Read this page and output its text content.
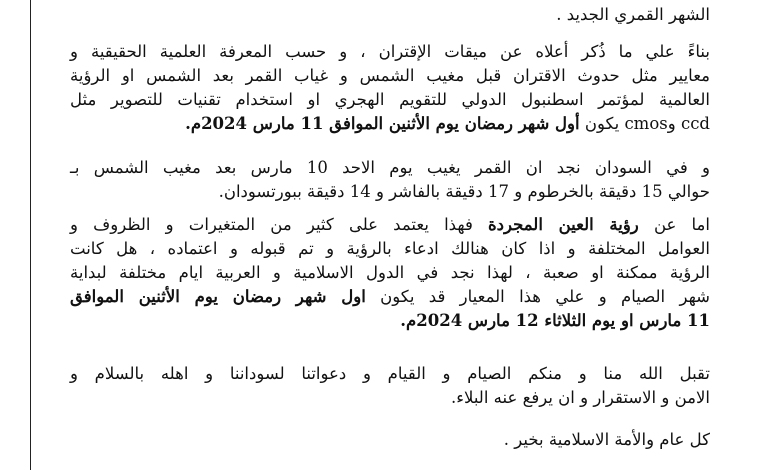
الشهر القمري الجديد .

بناءً علي ما ذُكر أعلاه عن ميقات الإقتران ، و حسب المعرفة العلمية الحقيقية و
معايير مثل حدوث الاقتران قبل مغيب الشمس و غياب القمر بعد الشمس او الرؤية
العالمية لمؤتمر اسطنبول الدولي للتقويم الهجري او استخدام تقنيات للتصوير مثل
ccd وcmos يكون أول شهر رمضان يوم الأثنين الموافق 11 مارس 2024م.

و في السودان نجد ان القمر يغيب يوم الاحد 10 مارس بعد مغيب الشمس بـ
حوالي 15 دقيقة بالخرطوم و 17 دقيقة بالفاشر و 14 دقيقة ببورتسودان.

اما عن رؤية العين المجردة فهذا يعتمد على كثير من المتغيرات و الظروف و
العوامل المختلفة و اذا كان هنالك ادعاء بالرؤية و تم قبوله و اعتماده ، هل كانت
الرؤية ممكنة او صعبة ، لهذا نجد في الدول الاسلامية و العربية ايام مختلفة لبداية
شهر الصيام و علي هذا المعيار قد يكون اول شهر رمضان يوم الأثنين الموافق
11 مارس او يوم الثلاثاء 12 مارس 2024م.

تقبل الله منا و منكم الصيام و القيام و دعواتنا لسوداننا و اهله بالسلام و
الامن و الاستقرار و ان يرفع عنه البلاء.

كل عام والأمة الاسلامية بخير .
